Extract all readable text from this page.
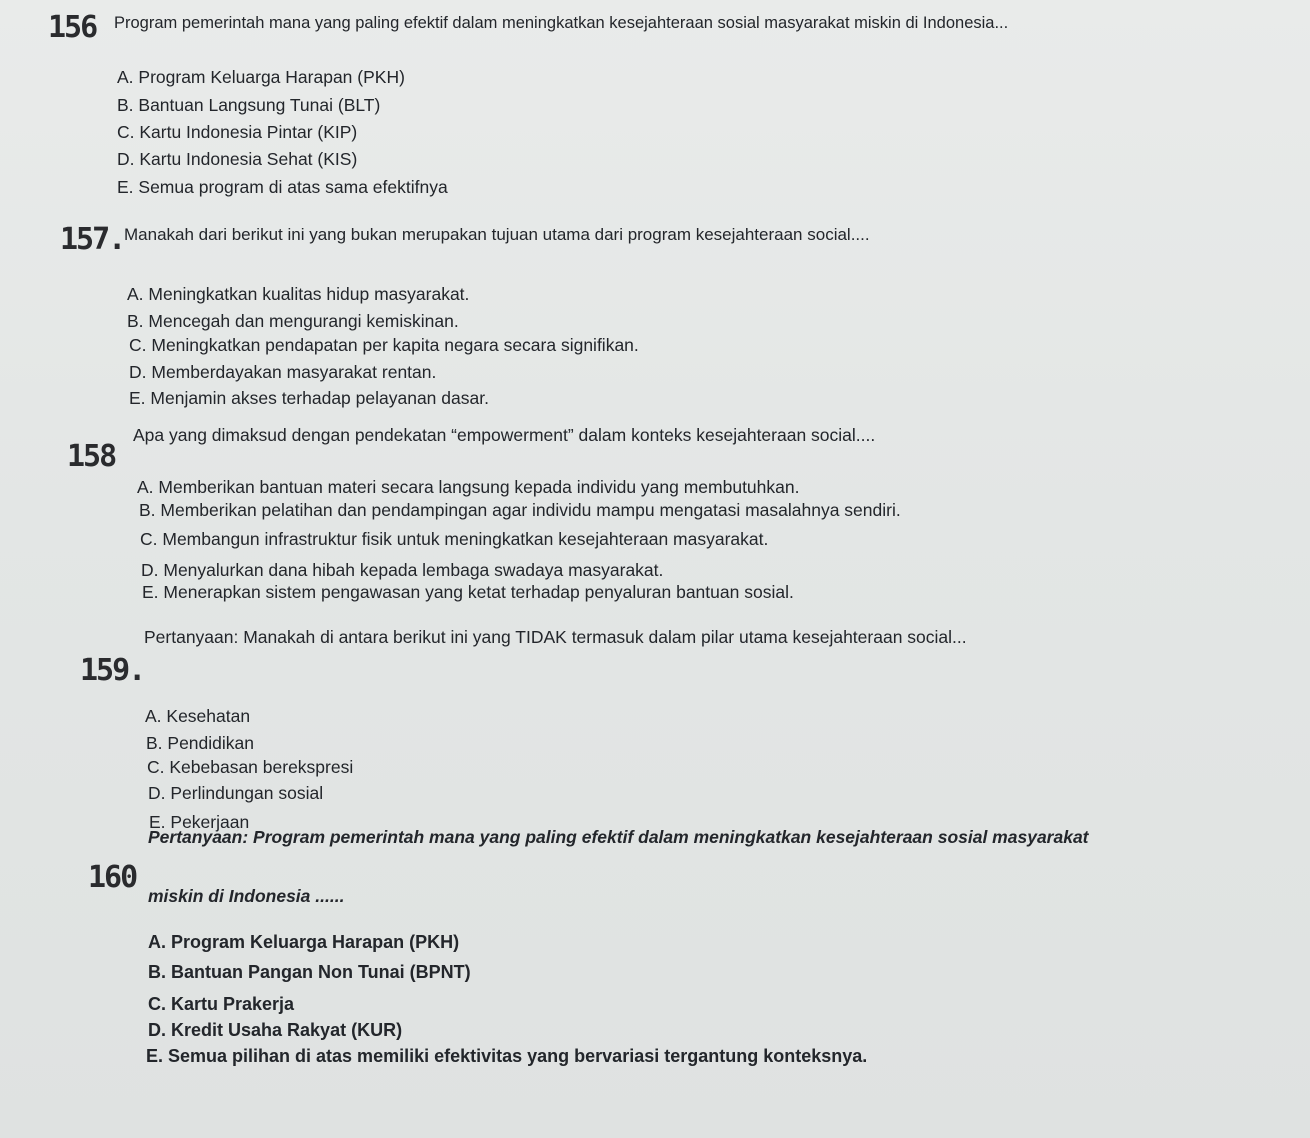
156 Program pemerintah mana yang paling efektif dalam meningkatkan kesejahteraan sosial masyarakat miskin di Indonesia...
A. Program Keluarga Harapan (PKH)
B. Bantuan Langsung Tunai (BLT)
C. Kartu Indonesia Pintar (KIP)
D. Kartu Indonesia Sehat (KIS)
E. Semua program di atas sama efektifnya
157. Manakah dari berikut ini yang bukan merupakan tujuan utama dari program kesejahteraan social....
A. Meningkatkan kualitas hidup masyarakat.
B. Mencegah dan mengurangi kemiskinan.
C. Meningkatkan pendapatan per kapita negara secara signifikan.
D. Memberdayakan masyarakat rentan.
E. Menjamin akses terhadap pelayanan dasar.
158
Apa yang dimaksud dengan pendekatan “empowerment” dalam konteks kesejahteraan social....
A. Memberikan bantuan materi secara langsung kepada individu yang membutuhkan.
B. Memberikan pelatihan dan pendampingan agar individu mampu mengatasi masalahnya sendiri.
C. Membangun infrastruktur fisik untuk meningkatkan kesejahteraan masyarakat.
D. Menyalurkan dana hibah kepada lembaga swadaya masyarakat.
E. Menerapkan sistem pengawasan yang ketat terhadap penyaluran bantuan sosial.
159.
Pertanyaan: Manakah di antara berikut ini yang TIDAK termasuk dalam pilar utama kesejahteraan social...
A. Kesehatan
B. Pendidikan
C. Kebebasan berekspresi
D. Perlindungan sosial
E. Pekerjaan
160
Pertanyaan: Program pemerintah mana yang paling efektif dalam meningkatkan kesejahteraan sosial masyarakat
miskin di Indonesia ......
A. Program Keluarga Harapan (PKH)
B. Bantuan Pangan Non Tunai (BPNT)
C. Kartu Prakerja
D. Kredit Usaha Rakyat (KUR)
E. Semua pilihan di atas memiliki efektivitas yang bervariasi tergantung konteksnya.
